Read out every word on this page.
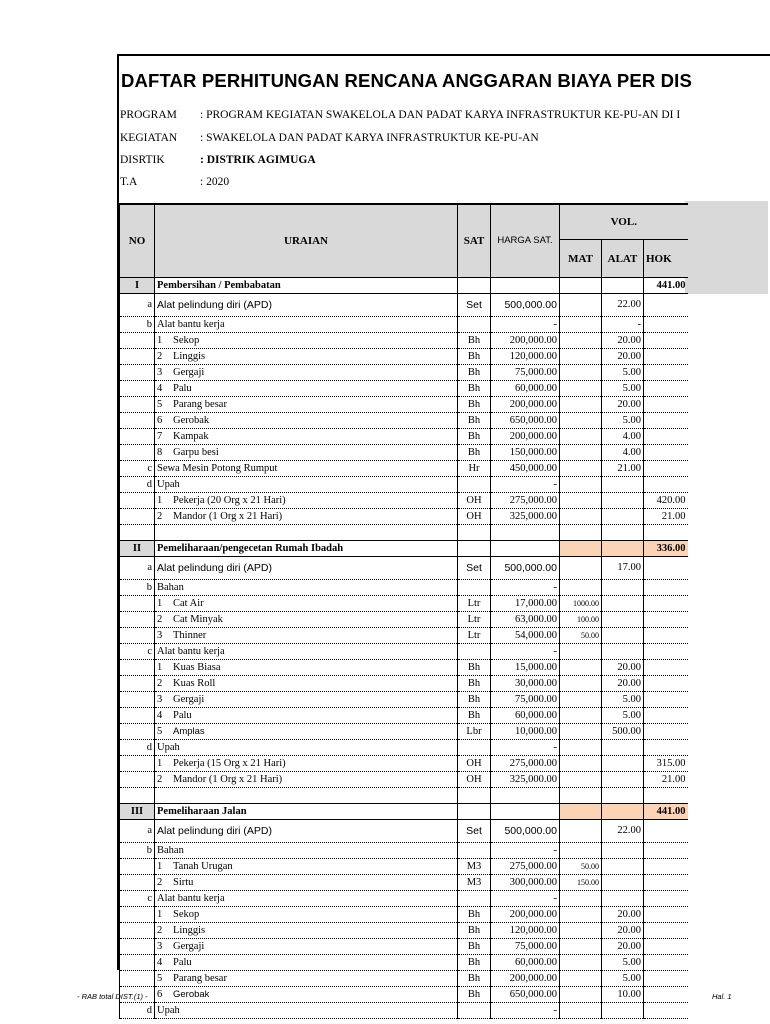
DAFTAR PERHITUNGAN RENCANA ANGGARAN BIAYA PER DIS
PROGRAM : PROGRAM KEGIATAN SWAKELOLA DAN PADAT KARYA INFRASTRUKTUR KE-PU-AN DI I
KEGIATAN : SWAKELOLA DAN PADAT KARYA INFRASTRUKTUR KE-PU-AN
DISRTIK	: DISTRIK AGIMUGA
T.A	: 2020
NO	URAIAN	SAT	HARGA SAT.	VOL.		
				MAT	ALAT	HOK
I	Pembersihan / Pembabatan					441.00
a	Alat pelindung diri (APD)	Set	500,000.00		22.00	
b	Alat bantu kerja		-		-	
	1 Sekop	Bh	200,000.00		20.00	
	2 Linggis	Bh	120,000.00		20.00	
	3 Gergaji	Bh	75,000.00		5.00	
	4 Palu	Bh	60,000.00		5.00	
	5 Parang besar	Bh	200,000.00		20.00	
	6 Gerobak	Bh	650,000.00		5.00	
	7 Kampak	Bh	200,000.00		4.00	
	8 Garpu besi	Bh	150,000.00		4.00	
c	Sewa Mesin Potong Rumput	Hr	450,000.00		21.00	
d	Upah		-			
	1 Pekerja (20 Org x 21 Hari)	OH	275,000.00			420.00
	2 Mandor (1 Org x 21 Hari)	OH	325,000.00			21.00

II	Pemeliharaan/pengecetan Rumah Ibadah					336.00
a	Alat pelindung diri (APD)	Set	500,000.00		17.00	
b	Bahan		-			
	1 Cat Air	Ltr	17,000.00	1000.00		
	2 Cat Minyak	Ltr	63,000.00	100.00		
	3 Thinner	Ltr	54,000.00	50.00		
c	Alat bantu kerja		-			
	1 Kuas Biasa	Bh	15,000.00		20.00	
	2 Kuas Roll	Bh	30,000.00		20.00	
	3 Gergaji	Bh	75,000.00		5.00	
	4 Palu	Bh	60,000.00		5.00	
	5 Amplas	Lbr	10,000.00		500.00	
d	Upah		-			
	1 Pekerja (15 Org x 21 Hari)	OH	275,000.00			315.00
	2 Mandor (1 Org x 21 Hari)	OH	325,000.00			21.00

III	Pemeliharaan Jalan					441.00
a	Alat pelindung diri (APD)	Set	500,000.00		22.00	
b	Bahan		-			
	1 Tanah Urugan	M3	275,000.00	50.00		
	2 Sirtu	M3	300,000.00	150.00		
c	Alat bantu kerja		-			
	1 Sekop	Bh	200,000.00		20.00	
	2 Linggis	Bh	120,000.00		20.00	
	3 Gergaji	Bh	75,000.00		20.00	
	4 Palu	Bh	60,000.00		5.00	
	5 Parang besar	Bh	200,000.00		5.00	
	6 Gerobak	Bh	650,000.00		10.00	
d	Upah		-			
- RAB total DIST.(1) -	Hal. 1
